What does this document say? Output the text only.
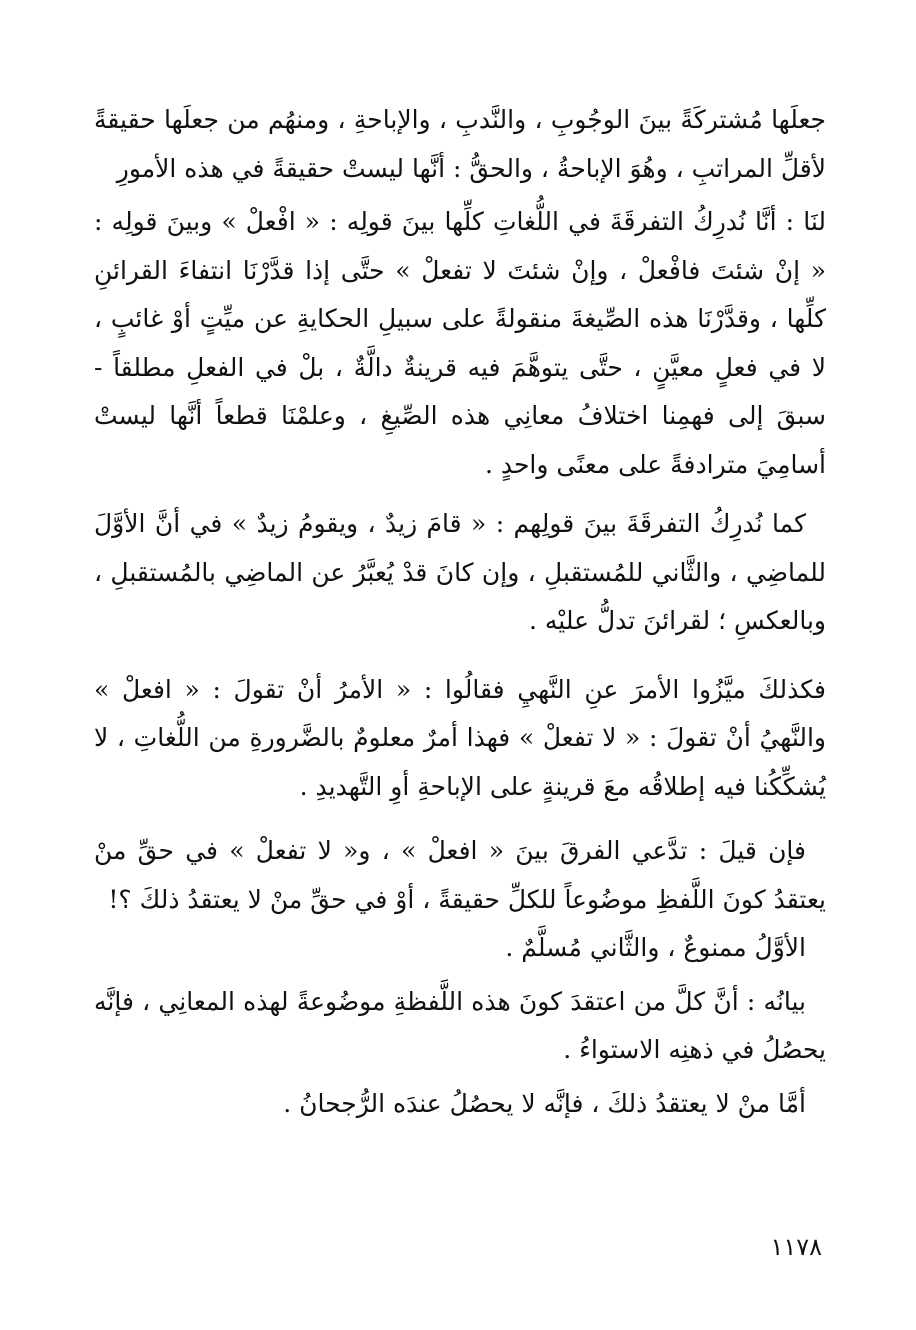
جعلَها مُشتركَةً بينَ الوجُوبِ ، والنَّدبِ ، والإباحةِ ، ومنهُم من جعلَها حقيقةً لأقلِّ المراتبِ ، وهُوَ الإباحةُ ، والحقُّ : أنَّها ليستْ حقيقةً في هذه الأمورِ

لنَا : أنَّا نُدرِكُ التفرقَةَ في اللُّغاتِ كلِّها بينَ قولِه : « افْعلْ » وبينَ قولِه : « إنْ شئتَ فافْعلْ ، وإنْ شئتَ لا تفعلْ » حتَّى إذا قدَّرْنَا انتفاءَ القرائنِ كلِّها ، وقدَّرْنَا هذه الصِّيغةَ منقولةً على سبيلِ الحكايةِ عن ميِّتٍ أوْ غائبٍ ، لا في فعلٍ معيَّنٍ ، حتَّى يتوهَّمَ فيه قرينةٌ دالَّةٌ ، بلْ في الفعلِ مطلقاً - سبقَ إلى فهمِنا اختلافُ معانِي هذه الصِّيغِ ، وعلمْنَا قطعاً أنَّها ليستْ أسامِيَ مترادفةً على معنًى واحدٍ .

كما نُدرِكُ التفرقَةَ بينَ قولِهم : « قامَ زيدٌ ، ويقومُ زيدٌ » في أنَّ الأوَّلَ للماضِي ، والثَّاني للمُستقبلِ ، وإن كانَ قدْ يُعبَّرُ عن الماضِي بالمُستقبلِ ، وبالعكسِ ؛ لقرائنَ تدلُّ عليْه .

فكذلكَ ميَّزُوا الأمرَ عنِ النَّهيِ فقالُوا : « الأمرُ أنْ تقولَ : « افعلْ » والنَّهيُ أنْ تقولَ : « لا تفعلْ » فهذا أمرٌ معلومٌ بالضَّرورةِ من اللُّغاتِ ، لا يُشكِّكُنا فيه إطلاقُه معَ قرينةٍ على الإباحةِ أوِ التَّهديدِ .

فإن قيلَ : تدَّعي الفرقَ بينَ « افعلْ » ، و« لا تفعلْ » في حقِّ منْ يعتقدُ كونَ اللَّفظِ موضُوعاً للكلِّ حقيقةً ، أوْ في حقِّ منْ لا يعتقدُ ذلكَ ؟!

الأوَّلُ ممنوعٌ ، والثَّاني مُسلَّمٌ .

بيانُه : أنَّ كلَّ من اعتقدَ كونَ هذه اللَّفظةِ موضُوعةً لهذه المعانِي ، فإنَّه يحصُلُ في ذهنِه الاستواءُ .

أمَّا منْ لا يعتقدُ ذلكَ ، فإنَّه لا يحصُلُ عندَه الرُّجحانُ .

١١٧٨
